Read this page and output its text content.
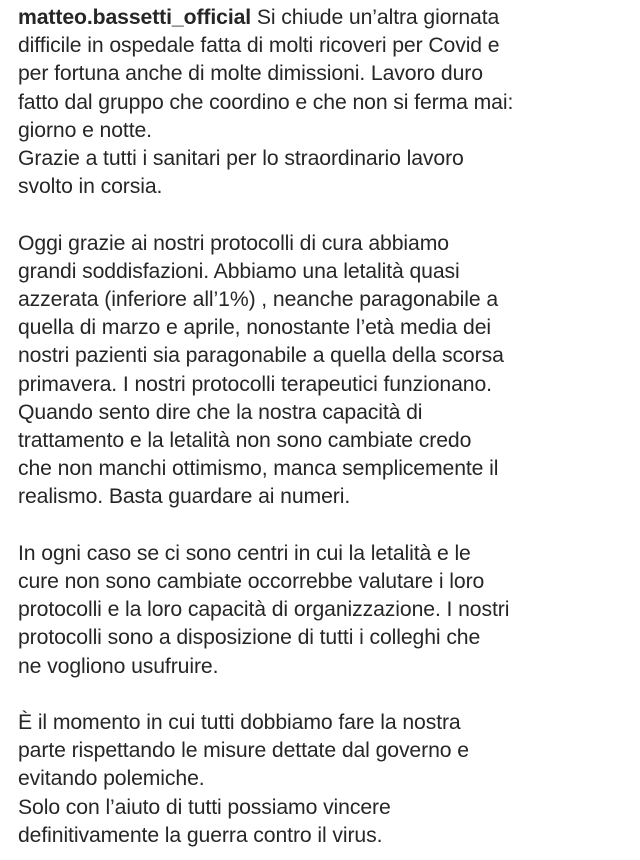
matteo.bassetti_official Si chiude un’altra giornata
difficile in ospedale fatta di molti ricoveri per Covid e
per fortuna anche di molte dimissioni. Lavoro duro
fatto dal gruppo che coordino e che non si ferma mai:
giorno e notte.
Grazie a tutti i sanitari per lo straordinario lavoro
svolto in corsia.
Oggi grazie ai nostri protocolli di cura abbiamo
grandi soddisfazioni. Abbiamo una letalità quasi
azzerata (inferiore all’1%) , neanche paragonabile a
quella di marzo e aprile, nonostante l’età media dei
nostri pazienti sia paragonabile a quella della scorsa
primavera. I nostri protocolli terapeutici funzionano.
Quando sento dire che la nostra capacità di
trattamento e la letalità non sono cambiate credo
che non manchi ottimismo, manca semplicemente il
realismo. Basta guardare ai numeri.
In ogni caso se ci sono centri in cui la letalità e le
cure non sono cambiate occorrebbe valutare i loro
protocolli e la loro capacità di organizzazione. I nostri
protocolli sono a disposizione di tutti i colleghi che
ne vogliono usufruire.
È il momento in cui tutti dobbiamo fare la nostra
parte rispettando le misure dettate dal governo e
evitando polemiche.
Solo con l’aiuto di tutti possiamo vincere
definitivamente la guerra contro il virus.
